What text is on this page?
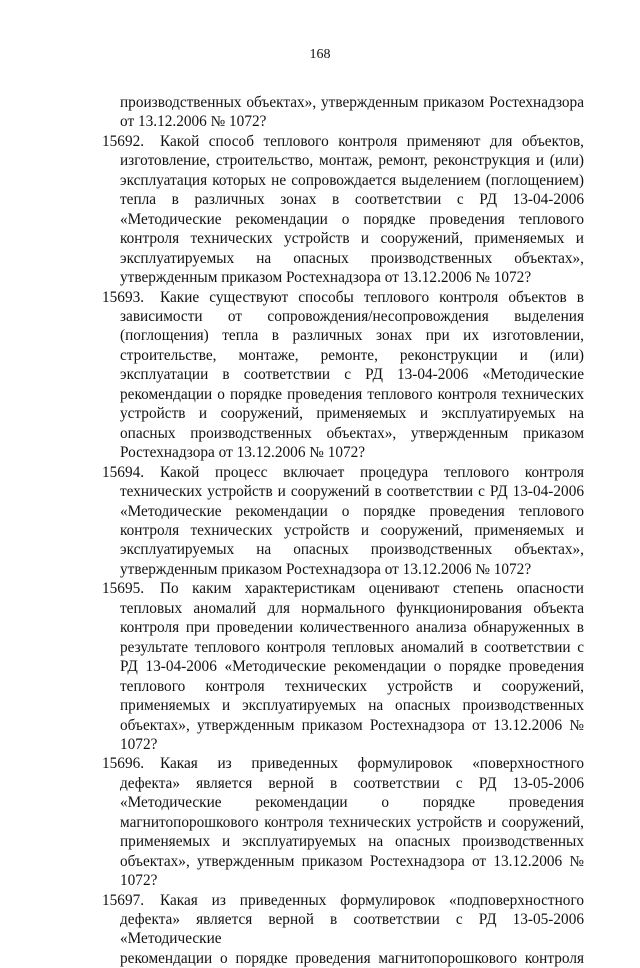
168
производственных объектах», утвержденным приказом Ростехнадзора от 13.12.2006 № 1072?
15692. Какой способ теплового контроля применяют для объектов, изготовление, строительство, монтаж, ремонт, реконструкция и (или) эксплуатация которых не сопровождается выделением (поглощением) тепла в различных зонах в соответствии с РД 13-04-2006 «Методические рекомендации о порядке проведения теплового контроля технических устройств и сооружений, применяемых и эксплуатируемых на опасных производственных объектах», утвержденным приказом Ростехнадзора от 13.12.2006 № 1072?
15693. Какие существуют способы теплового контроля объектов в зависимости от сопровождения/несопровождения выделения (поглощения) тепла в различных зонах при их изготовлении, строительстве, монтаже, ремонте, реконструкции и (или) эксплуатации в соответствии с РД 13-04-2006 «Методические рекомендации о порядке проведения теплового контроля технических устройств и сооружений, применяемых и эксплуатируемых на опасных производственных объектах», утвержденным приказом Ростехнадзора от 13.12.2006 № 1072?
15694. Какой процесс включает процедура теплового контроля технических устройств и сооружений в соответствии с РД 13-04-2006 «Методические рекомендации о порядке проведения теплового контроля технических устройств и сооружений, применяемых и эксплуатируемых на опасных производственных объектах», утвержденным приказом Ростехнадзора от 13.12.2006 № 1072?
15695. По каким характеристикам оценивают степень опасности тепловых аномалий для нормального функционирования объекта контроля при проведении количественного анализа обнаруженных в результате теплового контроля тепловых аномалий в соответствии с РД 13-04-2006 «Методические рекомендации о порядке проведения теплового контроля технических устройств и сооружений, применяемых и эксплуатируемых на опасных производственных объектах», утвержденным приказом Ростехнадзора от 13.12.2006 № 1072?
15696. Какая из приведенных формулировок «поверхностного дефекта» является верной в соответствии с РД 13-05-2006 «Методические рекомендации о порядке проведения магнитопорошкового контроля технических устройств и сооружений, применяемых и эксплуатируемых на опасных производственных объектах», утвержденным приказом Ростехнадзора от 13.12.2006 № 1072?
15697. Какая из приведенных формулировок «подповерхностного дефекта» является верной в соответствии с РД 13-05-2006 «Методические
рекомендации о порядке проведения магнитопорошкового контроля
